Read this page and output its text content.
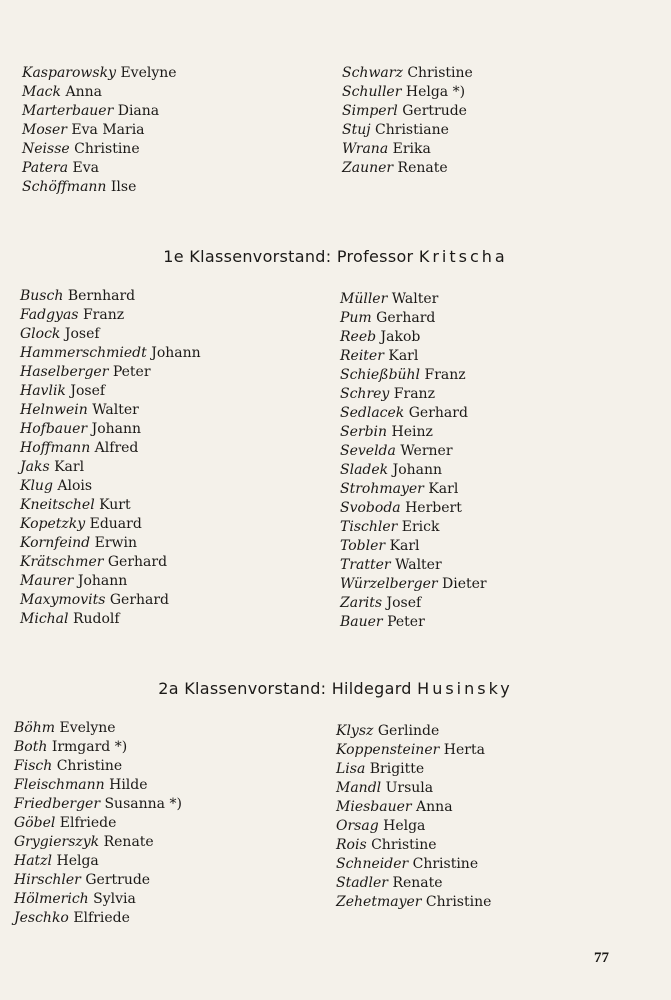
Kasparowsky Evelyne
Mack Anna
Marterbauer Diana
Moser Eva Maria
Neisse Christine
Patera Eva
Schöffmann Ilse
Schwarz Christine
Schuller Helga *)
Simperl Gertrude
Stuj Christiane
Wrana Erika
Zauner Renate
1e Klassenvorstand: Professor Kritscha
Busch Bernhard
Fadgyas Franz
Glock Josef
Hammerschmiedt Johann
Haselberger Peter
Havlik Josef
Helnwein Walter
Hofbauer Johann
Hoffmann Alfred
Jaks Karl
Klug Alois
Kneitschel Kurt
Kopetzky Eduard
Kornfeind Erwin
Krätschmer Gerhard
Maurer Johann
Maxymovits Gerhard
Michal Rudolf
Müller Walter
Pum Gerhard
Reeb Jakob
Reiter Karl
Schießbühl Franz
Schrey Franz
Sedlacek Gerhard
Serbin Heinz
Sevelda Werner
Sladek Johann
Strohmayer Karl
Svoboda Herbert
Tischler Erick
Tobler Karl
Tratter Walter
Würzelberger Dieter
Zarits Josef
Bauer Peter
2a Klassenvorstand: Hildegard Husinsky
Böhm Evelyne
Both Irmgard *)
Fisch Christine
Fleischmann Hilde
Friedberger Susanna *)
Göbel Elfriede
Grygierszyk Renate
Hatzl Helga
Hirschler Gertrude
Hölmerich Sylvia
Jeschko Elfriede
Klysz Gerlinde
Koppensteiner Herta
Lisa Brigitte
Mandl Ursula
Miesbauer Anna
Orsag Helga
Rois Christine
Schneider Christine
Stadler Renate
Zehetmayer Christine
77
